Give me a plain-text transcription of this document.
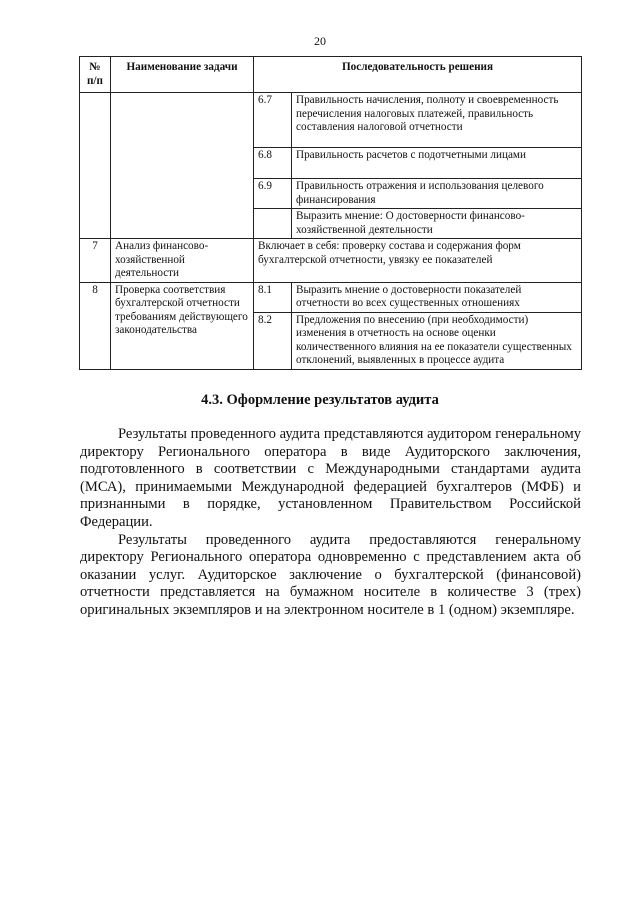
20
№ п/п	Наименование задачи	Последовательность решения	
		6.7	Правильность начисления, полноту и своевременность перечисления налоговых платежей, правильность составления налоговой отчетности
		6.8	Правильность расчетов с подотчетными лицами
		6.9	Правильность отражения и использования целевого финансирования
			Выразить мнение: О достоверности финансово-хозяйственной деятельности
7	Анализ финансово-хозяйственной деятельности	Включает в себя: проверку состава и содержания форм бухгалтерской отчетности, увязку ее показателей	
8	Проверка соответствия бухгалтерской отчетности требованиям действующего законодательства	8.1	Выразить мнение о достоверности показателей отчетности во всех существенных отношениях
		8.2	Предложения по внесению (при необходимости) изменения в отчетность на основе оценки количественного влияния на ее показатели существенных отклонений, выявленных в процессе аудита
4.3. Оформление результатов аудита

Результаты проведенного аудита представляются аудитором генеральному директору Регионального оператора в виде Аудиторского заключения, подготовленного в соответствии с Международными стандартами аудита (МСА), принимаемыми Международной федерацией бухгалтеров (МФБ) и признанными в порядке, установленном Правительством Российской Федерации.

Результаты проведенного аудита предоставляются генеральному директору Регионального оператора одновременно с представлением акта об оказании услуг. Аудиторское заключение о бухгалтерской (финансовой) отчетности представляется на бумажном носителе в количестве 3 (трех) оригинальных экземпляров и на электронном носителе в 1 (одном) экземпляре.
